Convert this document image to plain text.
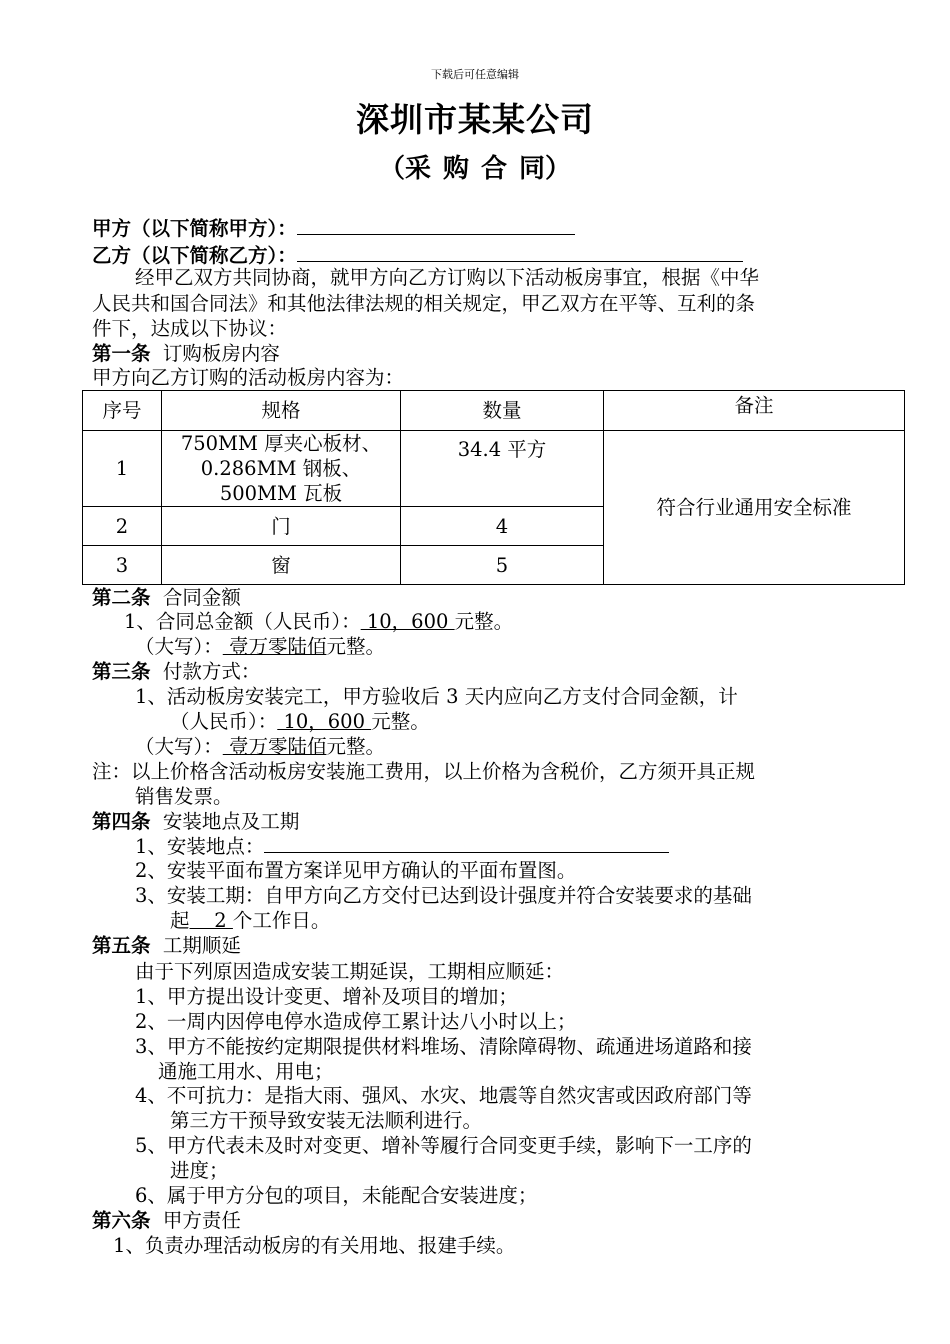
下载后可任意编辑
深圳市某某公司
（采 购 合 同）
甲方（以下简称甲方）：
乙方（以下简称乙方）：
经甲乙双方共同协商，就甲方向乙方订购以下活动板房事宜，根据《中华
人民共和国合同法》和其他法律法规的相关规定，甲乙双方在平等、互利的条
件下，达成以下协议：
第一条 订购板房内容
甲方向乙方订购的活动板房内容为：
序号	规格	数量	备注
1	750MM 厚夹心板材、
0.286MM 钢板、
500MM 瓦板	34.4 平方	符合行业通用安全标准
2	门	4	
3	窗	5	
第二条 合同金额
1、合同总金额（人民币）： 10，600 元整。
（大写）： 壹万零陆佰元整。
第三条 付款方式：
1、活动板房安装完工，甲方验收后 3 天内应向乙方支付合同金额，计
（人民币）： 10，600 元整。
（大写）： 壹万零陆佰元整。
注：以上价格含活动板房安装施工费用，以上价格为含税价，乙方须开具正规
销售发票。
第四条 安装地点及工期
1、安装地点：
2、安装平面布置方案详见甲方确认的平面布置图。
3、安装工期：自甲方向乙方交付已达到设计强度并符合安装要求的基础
起    2 个工作日。
第五条 工期顺延
由于下列原因造成安装工期延误，工期相应顺延：
1、甲方提出设计变更、增补及项目的增加；
2、一周内因停电停水造成停工累计达八小时以上；
3、甲方不能按约定期限提供材料堆场、清除障碍物、疏通进场道路和接
通施工用水、用电；
4、不可抗力：是指大雨、强风、水灾、地震等自然灾害或因政府部门等
第三方干预导致安装无法顺利进行。
5、甲方代表未及时对变更、增补等履行合同变更手续，影响下一工序的
进度；
6、属于甲方分包的项目，未能配合安装进度；
第六条 甲方责任
1、负责办理活动板房的有关用地、报建手续。
